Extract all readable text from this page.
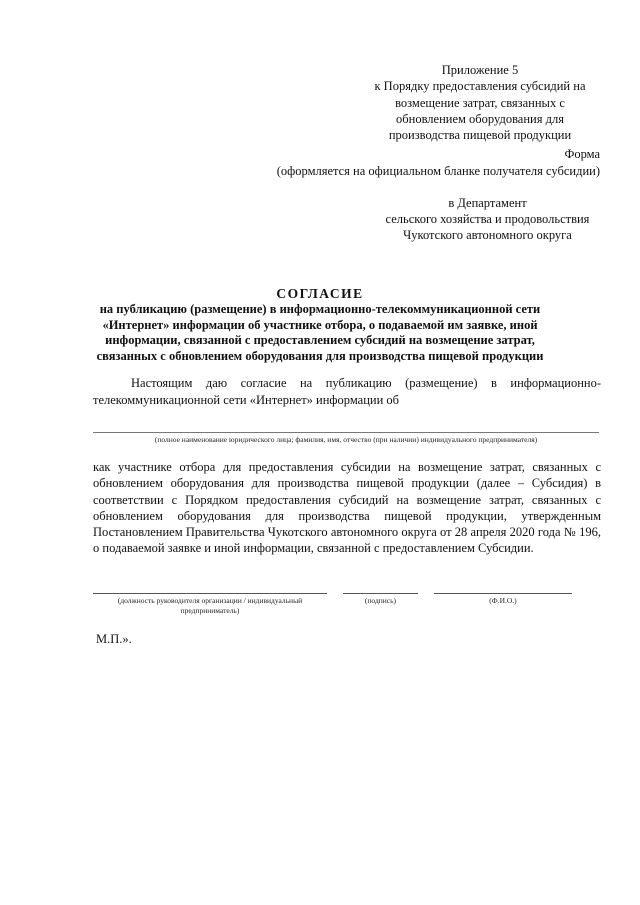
Приложение 5
к Порядку предоставления субсидий на
возмещение затрат, связанных с
обновлением оборудования для
производства пищевой продукции
Форма
(оформляется на официальном бланке получателя субсидии)
в Департамент
сельского хозяйства и продовольствия
Чукотского автономного округа
СОГЛАСИЕ
на публикацию (размещение) в информационно-телекоммуникационной сети
«Интернет» информации об участнике отбора, о подаваемой им заявке, иной
информации, связанной с предоставлением субсидий на возмещение затрат,
связанных с обновлением оборудования для производства пищевой продукции
Настоящим даю согласие на публикацию (размещение) в информационно-
телекоммуникационной сети «Интернет» информации об
(полное наименование юридического лица; фамилия, имя, отчество (при наличии) индивидуального предпринимателя)
как участнике отбора для предоставления субсидии на возмещение затрат, связанных с обновлением оборудования для производства пищевой продукции (далее – Субсидия) в соответствии с Порядком предоставления субсидий на возмещение затрат, связанных с обновлением оборудования для производства пищевой продукции, утвержденным Постановлением Правительства Чукотского автономного округа от 28 апреля 2020 года № 196, о подаваемой заявке и иной информации, связанной с предоставлением Субсидии.
(должность руководителя организации / индивидуальный предприниматель)
(подпись)	(Ф.И.О.)
М.П.».
